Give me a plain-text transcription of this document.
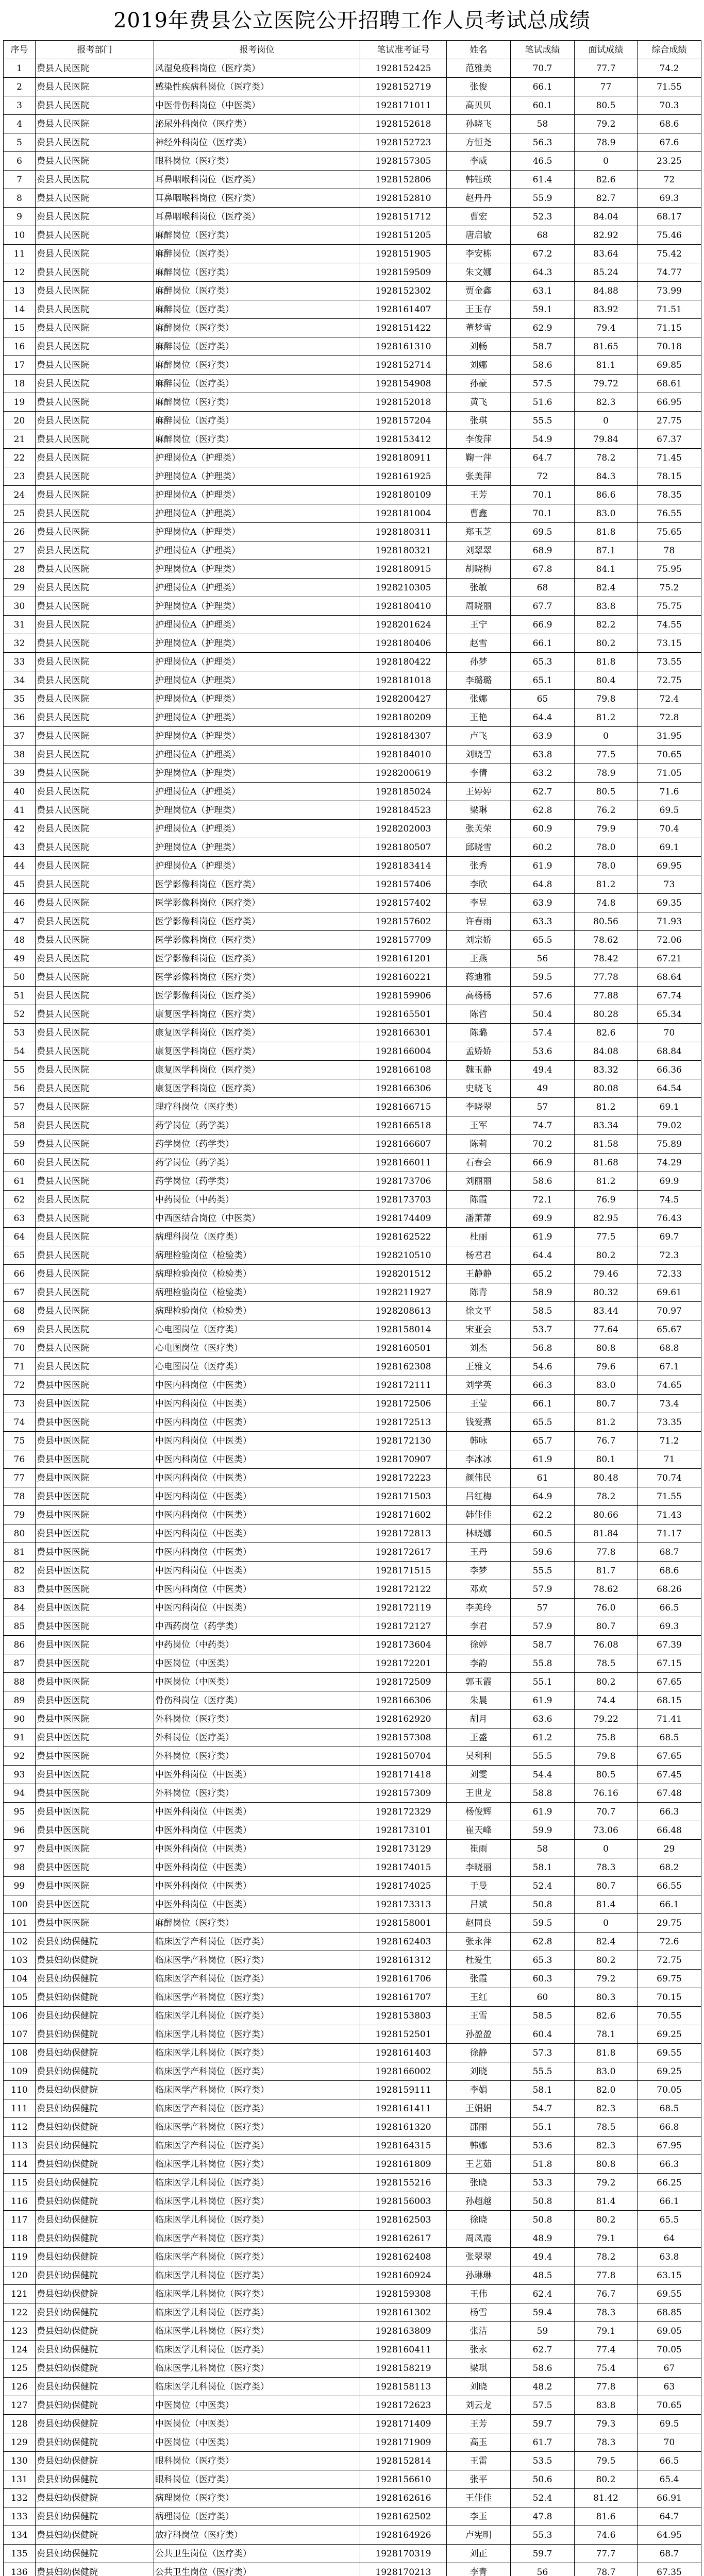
2019年费县公立医院公开招聘工作人员考试总成绩
序号	报考部门	报考岗位	笔试准考证号	姓名	笔试成绩	面试成绩	综合成绩
1	费县人民医院	风湿免疫科岗位（医疗类）	1928152425	范雅美	70.7	77.7	74.2
2	费县人民医院	感染性疾病科岗位（医疗类）	1928152719	张俊	66.1	77	71.55
3	费县人民医院	中医骨伤科岗位（中医类）	1928171011	高贝贝	60.1	80.5	70.3
4	费县人民医院	泌尿外科岗位（医疗类）	1928152618	孙晓飞	58	79.2	68.6
5	费县人民医院	神经外科岗位（医疗类）	1928152723	方恒尧	56.3	78.9	67.6
6	费县人民医院	眼科岗位（医疗类）	1928157305	李威	46.5	0	23.25
7	费县人民医院	耳鼻咽喉科岗位（医疗类）	1928152806	韩钰瑛	61.4	82.6	72
8	费县人民医院	耳鼻咽喉科岗位（医疗类）	1928152810	赵丹丹	55.9	82.7	69.3
9	费县人民医院	耳鼻咽喉科岗位（医疗类）	1928151712	曹宏	52.3	84.04	68.17
10	费县人民医院	麻醉岗位（医疗类）	1928151205	唐启敏	68	82.92	75.46
11	费县人民医院	麻醉岗位（医疗类）	1928151905	李安栋	67.2	83.64	75.42
12	费县人民医院	麻醉岗位（医疗类）	1928159509	朱文娜	64.3	85.24	74.77
13	费县人民医院	麻醉岗位（医疗类）	1928152302	贾金鑫	63.1	84.88	73.99
14	费县人民医院	麻醉岗位（医疗类）	1928161407	王玉存	59.1	83.92	71.51
15	费县人民医院	麻醉岗位（医疗类）	1928151422	董梦雪	62.9	79.4	71.15
16	费县人民医院	麻醉岗位（医疗类）	1928161310	刘畅	58.7	81.65	70.18
17	费县人民医院	麻醉岗位（医疗类）	1928152714	刘娜	58.6	81.1	69.85
18	费县人民医院	麻醉岗位（医疗类）	1928154908	孙豪	57.5	79.72	68.61
19	费县人民医院	麻醉岗位（医疗类）	1928152018	黄飞	51.6	82.3	66.95
20	费县人民医院	麻醉岗位（医疗类）	1928157204	张琪	55.5	0	27.75
21	费县人民医院	麻醉岗位（医疗类）	1928153412	李俊萍	54.9	79.84	67.37
22	费县人民医院	护理岗位A（护理类）	1928180911	鞠一萍	64.7	78.2	71.45
23	费县人民医院	护理岗位A（护理类）	1928161925	张美萍	72	84.3	78.15
24	费县人民医院	护理岗位A（护理类）	1928180109	王芳	70.1	86.6	78.35
25	费县人民医院	护理岗位A（护理类）	1928181004	曹鑫	70.1	83.0	76.55
26	费县人民医院	护理岗位A（护理类）	1928180311	郑玉芝	69.5	81.8	75.65
27	费县人民医院	护理岗位A（护理类）	1928180321	刘翠翠	68.9	87.1	78
28	费县人民医院	护理岗位A（护理类）	1928180915	胡晓梅	67.8	84.1	75.95
29	费县人民医院	护理岗位A（护理类）	1928210305	张敏	68	82.4	75.2
30	费县人民医院	护理岗位A（护理类）	1928180410	周晓丽	67.7	83.8	75.75
31	费县人民医院	护理岗位A（护理类）	1928201624	王宁	66.9	82.2	74.55
32	费县人民医院	护理岗位A（护理类）	1928180406	赵雪	66.1	80.2	73.15
33	费县人民医院	护理岗位A（护理类）	1928180422	孙梦	65.3	81.8	73.55
34	费县人民医院	护理岗位A（护理类）	1928181018	李璐璐	65.1	80.4	72.75
35	费县人民医院	护理岗位A（护理类）	1928200427	张娜	65	79.8	72.4
36	费县人民医院	护理岗位A（护理类）	1928180209	王艳	64.4	81.2	72.8
37	费县人民医院	护理岗位A（护理类）	1928184307	卢飞	63.9	0	31.95
38	费县人民医院	护理岗位A（护理类）	1928184010	刘晓雪	63.8	77.5	70.65
39	费县人民医院	护理岗位A（护理类）	1928200619	李倩	63.2	78.9	71.05
40	费县人民医院	护理岗位A（护理类）	1928185024	王婷婷	62.7	80.5	71.6
41	费县人民医院	护理岗位A（护理类）	1928184523	梁琳	62.8	76.2	69.5
42	费县人民医院	护理岗位A（护理类）	1928202003	张芙荣	60.9	79.9	70.4
43	费县人民医院	护理岗位A（护理类）	1928180507	邱晓雪	60.2	78.0	69.1
44	费县人民医院	护理岗位A（护理类）	1928183414	张秀	61.9	78.0	69.95
45	费县人民医院	医学影像科岗位（医疗类）	1928157406	李欣	64.8	81.2	73
46	费县人民医院	医学影像科岗位（医疗类）	1928157402	李昱	63.9	74.8	69.35
47	费县人民医院	医学影像科岗位（医疗类）	1928157602	许春雨	63.3	80.56	71.93
48	费县人民医院	医学影像科岗位（医疗类）	1928157709	刘宗娇	65.5	78.62	72.06
49	费县人民医院	医学影像科岗位（医疗类）	1928161201	王燕	56	78.42	67.21
50	费县人民医院	医学影像科岗位（医疗类）	1928160221	蒋迪雅	59.5	77.78	68.64
51	费县人民医院	医学影像科岗位（医疗类）	1928159906	高杨杨	57.6	77.88	67.74
52	费县人民医院	康复医学科岗位（医疗类）	1928165501	陈哲	50.4	80.28	65.34
53	费县人民医院	康复医学科岗位（医疗类）	1928166301	陈璐	57.4	82.6	70
54	费县人民医院	康复医学科岗位（医疗类）	1928166004	孟娇娇	53.6	84.08	68.84
55	费县人民医院	康复医学科岗位（医疗类）	1928166108	魏玉静	49.4	83.32	66.36
56	费县人民医院	康复医学科岗位（医疗类）	1928166306	史晓飞	49	80.08	64.54
57	费县人民医院	理疗科岗位（医疗类）	1928166715	李晓翠	57	81.2	69.1
58	费县人民医院	药学岗位（药学类）	1928166518	王军	74.7	83.34	79.02
59	费县人民医院	药学岗位（药学类）	1928166607	陈莉	70.2	81.58	75.89
60	费县人民医院	药学岗位（药学类）	1928166011	石春会	66.9	81.68	74.29
61	费县人民医院	药学岗位（药学类）	1928173706	刘丽丽	58.6	81.2	69.9
62	费县人民医院	中药岗位（中药类）	1928173703	陈霞	72.1	76.9	74.5
63	费县人民医院	中西医结合岗位（中医类）	1928174409	潘萧萧	69.9	82.95	76.43
64	费县人民医院	病理科岗位（医疗类）	1928162522	杜丽	61.9	77.5	69.7
65	费县人民医院	病理检验岗位（检验类）	1928210510	杨君君	64.4	80.2	72.3
66	费县人民医院	病理检验岗位（检验类）	1928201512	王静静	65.2	79.46	72.33
67	费县人民医院	病理检验岗位（检验类）	1928211927	陈青	58.9	80.32	69.61
68	费县人民医院	病理检验岗位（检验类）	1928208613	徐文平	58.5	83.44	70.97
69	费县人民医院	心电图岗位（医疗类）	1928158014	宋亚会	53.7	77.64	65.67
70	费县人民医院	心电图岗位（医疗类）	1928160501	刘杰	56.8	80.8	68.8
71	费县人民医院	心电图岗位（医疗类）	1928162308	王雅文	54.6	79.6	67.1
72	费县中医医院	中医内科岗位（中医类）	1928172111	刘学英	66.3	83.0	74.65
73	费县中医医院	中医内科岗位（中医类）	1928172506	王莹	66.1	80.7	73.4
74	费县中医医院	中医内科岗位（中医类）	1928172513	钱爱燕	65.5	81.2	73.35
75	费县中医医院	中医内科岗位（中医类）	1928172130	韩咏	65.7	76.7	71.2
76	费县中医医院	中医内科岗位（中医类）	1928170907	李冰冰	61.9	80.1	71
77	费县中医医院	中医内科岗位（中医类）	1928172223	颜伟民	61	80.48	70.74
78	费县中医医院	中医内科岗位（中医类）	1928171503	吕红梅	64.9	78.2	71.55
79	费县中医医院	中医内科岗位（中医类）	1928171602	韩佳佳	62.2	80.66	71.43
80	费县中医医院	中医内科岗位（中医类）	1928172813	林晓娜	60.5	81.84	71.17
81	费县中医医院	中医内科岗位（中医类）	1928172617	王丹	59.6	77.8	68.7
82	费县中医医院	中医内科岗位（中医类）	1928171515	李梦	55.5	81.7	68.6
83	费县中医医院	中医内科岗位（中医类）	1928172122	邓欢	57.9	78.62	68.26
84	费县中医医院	中医内科岗位（中医类）	1928172119	李美玲	57	76.0	66.5
85	费县中医医院	中西药岗位（药学类）	1928172127	李君	57.9	80.7	69.3
86	费县中医医院	中药岗位（中药类）	1928173604	徐婷	58.7	76.08	67.39
87	费县中医医院	中医岗位（中医类）	1928172201	李韵	55.8	78.5	67.15
88	费县中医医院	中医岗位（中医类）	1928172509	郭玉霞	55.1	80.2	67.65
89	费县中医医院	骨伤科岗位（医疗类）	1928166306	朱晨	61.9	74.4	68.15
90	费县中医医院	外科岗位（医疗类）	1928162920	胡月	63.6	79.22	71.41
91	费县中医医院	外科岗位（医疗类）	1928157308	王盛	61.2	75.8	68.5
92	费县中医医院	外科岗位（医疗类）	1928150704	吴利利	55.5	79.8	67.65
93	费县中医医院	中医外科岗位（中医类）	1928171418	刘雯	54.4	80.5	67.45
94	费县中医医院	外科岗位（医疗类）	1928157309	王世龙	58.8	76.16	67.48
95	费县中医医院	中医外科岗位（中医类）	1928172329	杨俊辉	61.9	70.7	66.3
96	费县中医医院	中医外科岗位（中医类）	1928173101	崔天峰	59.9	73.06	66.48
97	费县中医医院	中医外科岗位（中医类）	1928173129	崔雨	58	0	29
98	费县中医医院	中医外科岗位（中医类）	1928174015	李晓丽	58.1	78.3	68.2
99	费县中医医院	中医外科岗位（中医类）	1928174025	于曼	52.4	80.7	66.55
100	费县中医医院	中医外科岗位（中医类）	1928173313	吕斌	50.8	81.4	66.1
101	费县中医医院	麻醉岗位（医疗类）	1928158001	赵同良	59.5	0	29.75
102	费县妇幼保健院	临床医学产科岗位（医疗类）	1928162403	张永萍	62.8	82.4	72.6
103	费县妇幼保健院	临床医学产科岗位（医疗类）	1928161312	杜爱生	65.3	80.2	72.75
104	费县妇幼保健院	临床医学产科岗位（医疗类）	1928161706	张霞	60.3	79.2	69.75
105	费县妇幼保健院	临床医学产科岗位（医疗类）	1928161707	王红	60	80.3	70.15
106	费县妇幼保健院	临床医学儿科岗位（医疗类）	1928153803	王雪	58.5	82.6	70.55
107	费县妇幼保健院	临床医学儿科岗位（医疗类）	1928152501	孙盈盈	60.4	78.1	69.25
108	费县妇幼保健院	临床医学儿科岗位（医疗类）	1928161403	徐静	57.3	81.8	69.55
109	费县妇幼保健院	临床医学产科岗位（医疗类）	1928166002	刘晓	55.5	83.0	69.25
110	费县妇幼保健院	临床医学产科岗位（医疗类）	1928159111	李娟	58.1	82.0	70.05
111	费县妇幼保健院	临床医学产科岗位（医疗类）	1928161411	王娟娟	54.7	82.3	68.5
112	费县妇幼保健院	临床医学产科岗位（医疗类）	1928161320	邵丽	55.1	78.5	66.8
113	费县妇幼保健院	临床医学产科岗位（医疗类）	1928164315	韩娜	53.6	82.3	67.95
114	费县妇幼保健院	临床医学儿科岗位（医疗类）	1928161809	王艺茹	51.8	80.8	66.3
115	费县妇幼保健院	临床医学儿科岗位（医疗类）	1928155216	张晓	53.3	79.2	66.25
116	费县妇幼保健院	临床医学儿科岗位（医疗类）	1928156003	孙超越	50.8	81.4	66.1
117	费县妇幼保健院	临床医学儿科岗位（医疗类）	1928162503	徐晓	50.8	80.2	65.5
118	费县妇幼保健院	临床医学产科岗位（医疗类）	1928162617	周凤霞	48.9	79.1	64
119	费县妇幼保健院	临床医学产科岗位（医疗类）	1928162408	张翠翠	49.4	78.2	63.8
120	费县妇幼保健院	临床医学儿科岗位（医疗类）	1928160924	孙琳琳	48.5	77.8	63.15
121	费县妇幼保健院	临床医学儿科岗位（医疗类）	1928159308	王伟	62.4	76.7	69.55
122	费县妇幼保健院	临床医学儿科岗位（医疗类）	1928161302	杨雪	59.4	78.3	68.85
123	费县妇幼保健院	临床医学儿科岗位（医疗类）	1928163809	张洁	59	79.1	69.05
124	费县妇幼保健院	临床医学儿科岗位（医疗类）	1928160411	张永	62.7	77.4	70.05
125	费县妇幼保健院	临床医学儿科岗位（医疗类）	1928158219	梁琪	58.6	75.4	67
126	费县妇幼保健院	临床医学儿科岗位（医疗类）	1928158113	刘晓	48.2	77.8	63
127	费县妇幼保健院	中医岗位（中医类）	1928172623	刘云龙	57.5	83.8	70.65
128	费县妇幼保健院	中医岗位（中医类）	1928171409	王芳	59.7	79.3	69.5
129	费县妇幼保健院	中医岗位（中医类）	1928171909	高玉	61.7	78.3	70
130	费县妇幼保健院	眼科岗位（医疗类）	1928152814	王雷	53.5	79.5	66.5
131	费县妇幼保健院	眼科岗位（医疗类）	1928156610	张平	50.6	80.2	65.4
132	费县妇幼保健院	病理岗位（医疗类）	1928162616	王佳佳	52.4	81.42	66.91
133	费县妇幼保健院	病理岗位（医疗类）	1928162502	李玉	47.8	81.6	64.7
134	费县妇幼保健院	放疗科岗位（医疗类）	1928164926	卢宪明	55.3	74.6	64.95
135	费县妇幼保健院	公共卫生岗位（医疗类）	1928170319	刘正	59.7	77.7	68.7
136	费县妇幼保健院	公共卫生岗位（医疗类）	1928170213	李青	56	78.7	67.35
